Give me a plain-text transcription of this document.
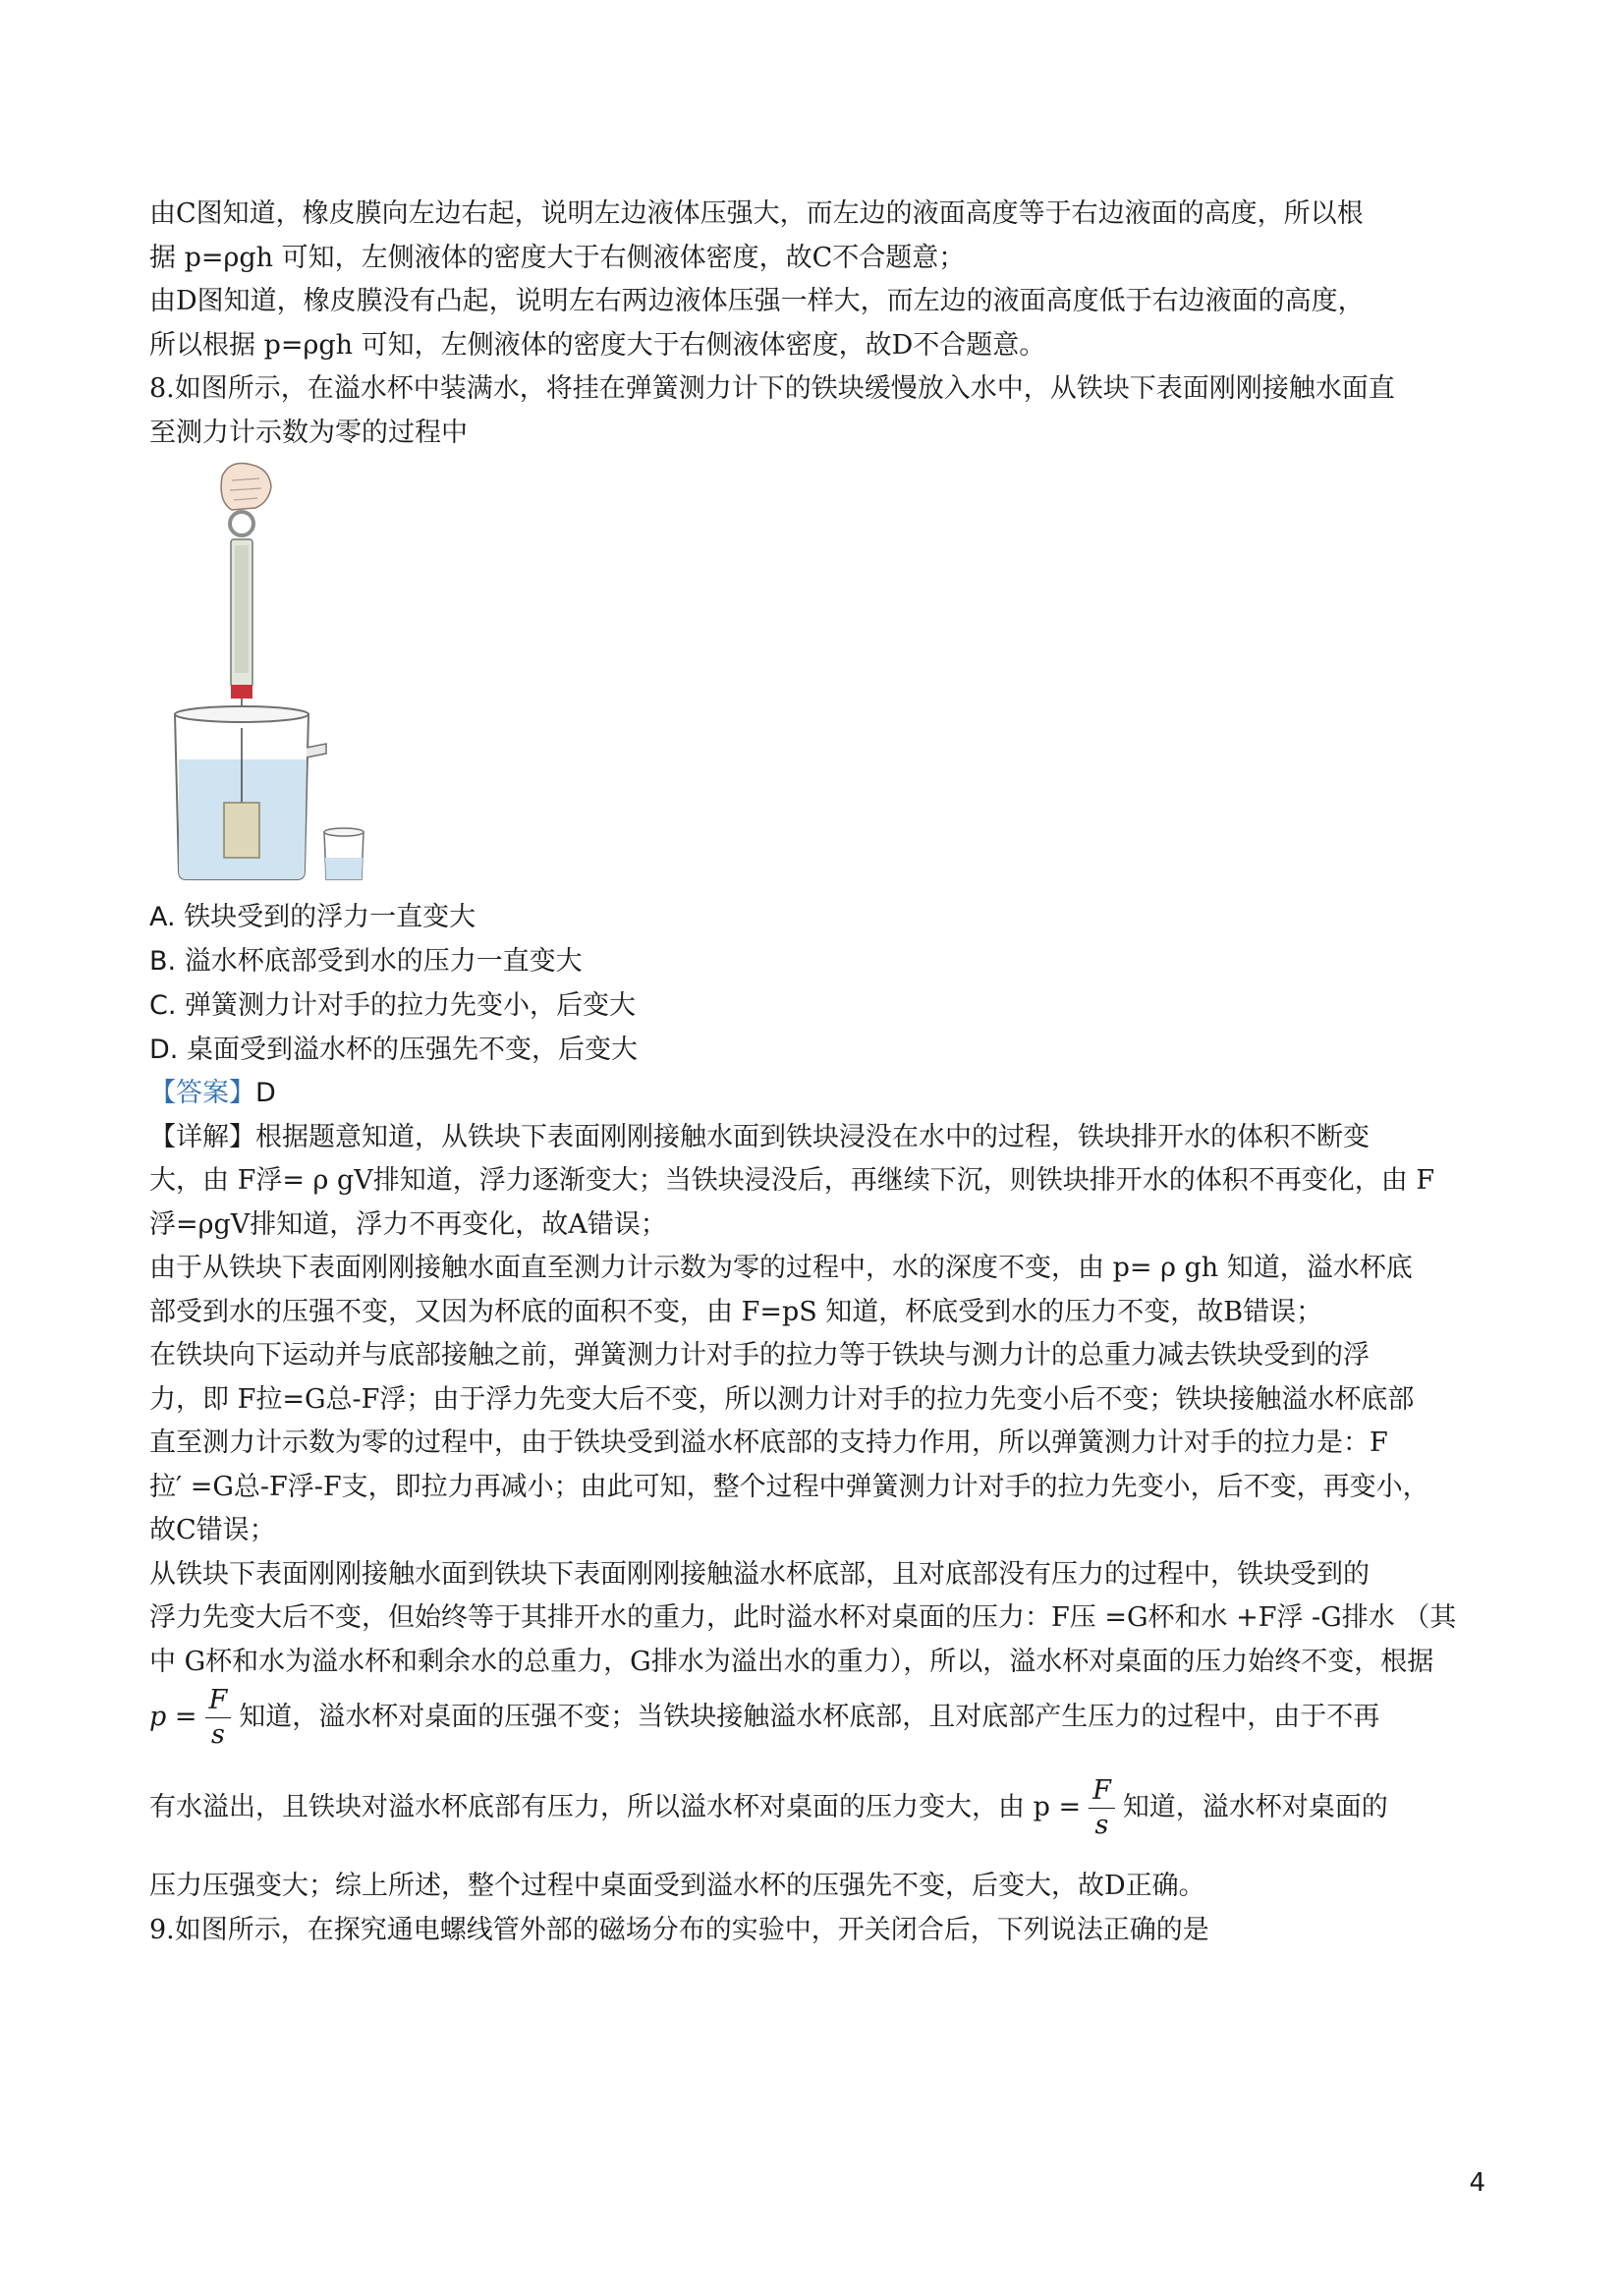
由C图知道，橡皮膜向左边右起，说明左边液体压强大，而左边的液面高度等于右边液面的高度，所以根

据 p=ρgh 可知，左侧液体的密度大于右侧液体密度，故C不合题意；

由D图知道，橡皮膜没有凸起，说明左右两边液体压强一样大，而左边的液面高度低于右边液面的高度，

所以根据 p=ρgh 可知，左侧液体的密度大于右侧液体密度，故D不合题意。

8.如图所示，在溢水杯中装满水，将挂在弹簧测力计下的铁块缓慢放入水中，从铁块下表面刚刚接触水面直

至测力计示数为零的过程中

A. 铁块受到的浮力一直变大

B. 溢水杯底部受到水的压力一直变大

C. 弹簧测力计对手的拉力先变小，后变大

D. 桌面受到溢水杯的压强先不变，后变大

【答案】D

【详解】根据题意知道，从铁块下表面刚刚接触水面到铁块浸没在水中的过程，铁块排开水的体积不断变

大，由 F浮= ρ gV排知道，浮力逐渐变大；当铁块浸没后，再继续下沉，则铁块排开水的体积不再变化，由 F

浮=ρgV排知道，浮力不再变化，故A错误；

由于从铁块下表面刚刚接触水面直至测力计示数为零的过程中，水的深度不变，由 p= ρ gh 知道，溢水杯底

部受到水的压强不变，又因为杯底的面积不变，由 F=pS 知道，杯底受到水的压力不变，故B错误；

在铁块向下运动并与底部接触之前，弹簧测力计对手的拉力等于铁块与测力计的总重力减去铁块受到的浮

力，即 F拉=G总-F浮；由于浮力先变大后不变，所以测力计对手的拉力先变小后不变；铁块接触溢水杯底部

直至测力计示数为零的过程中，由于铁块受到溢水杯底部的支持力作用，所以弹簧测力计对手的拉力是：F

拉′ =G总-F浮-F支，即拉力再减小；由此可知，整个过程中弹簧测力计对手的拉力先变小，后不变，再变小，

故C错误；

从铁块下表面刚刚接触水面到铁块下表面刚刚接触溢水杯底部，且对底部没有压力的过程中，铁块受到的

浮力先变大后不变，但始终等于其排开水的重力，此时溢水杯对桌面的压力：F压 =G杯和水 +F浮 -G排水 （其

中 G杯和水为溢水杯和剩余水的总重力，G排水为溢出水的重力），所以，溢水杯对桌面的压力始终不变，根据

$p = \frac{F}{s}$ 知道，溢水杯对桌面的压强不变；当铁块接触溢水杯底部，且对底部产生压力的过程中，由于不再
有水溢出，且铁块对溢水杯底部有压力，所以溢水杯对桌面的压力变大，由 $p = \frac{F}{s}$ 知道，溢水杯对桌面的

压力压强变大；综上所述，整个过程中桌面受到溢水杯的压强先不变，后变大，故D正确。

9.如图所示，在探究通电螺线管外部的磁场分布的实验中，开关闭合后，下列说法正确的是

4
